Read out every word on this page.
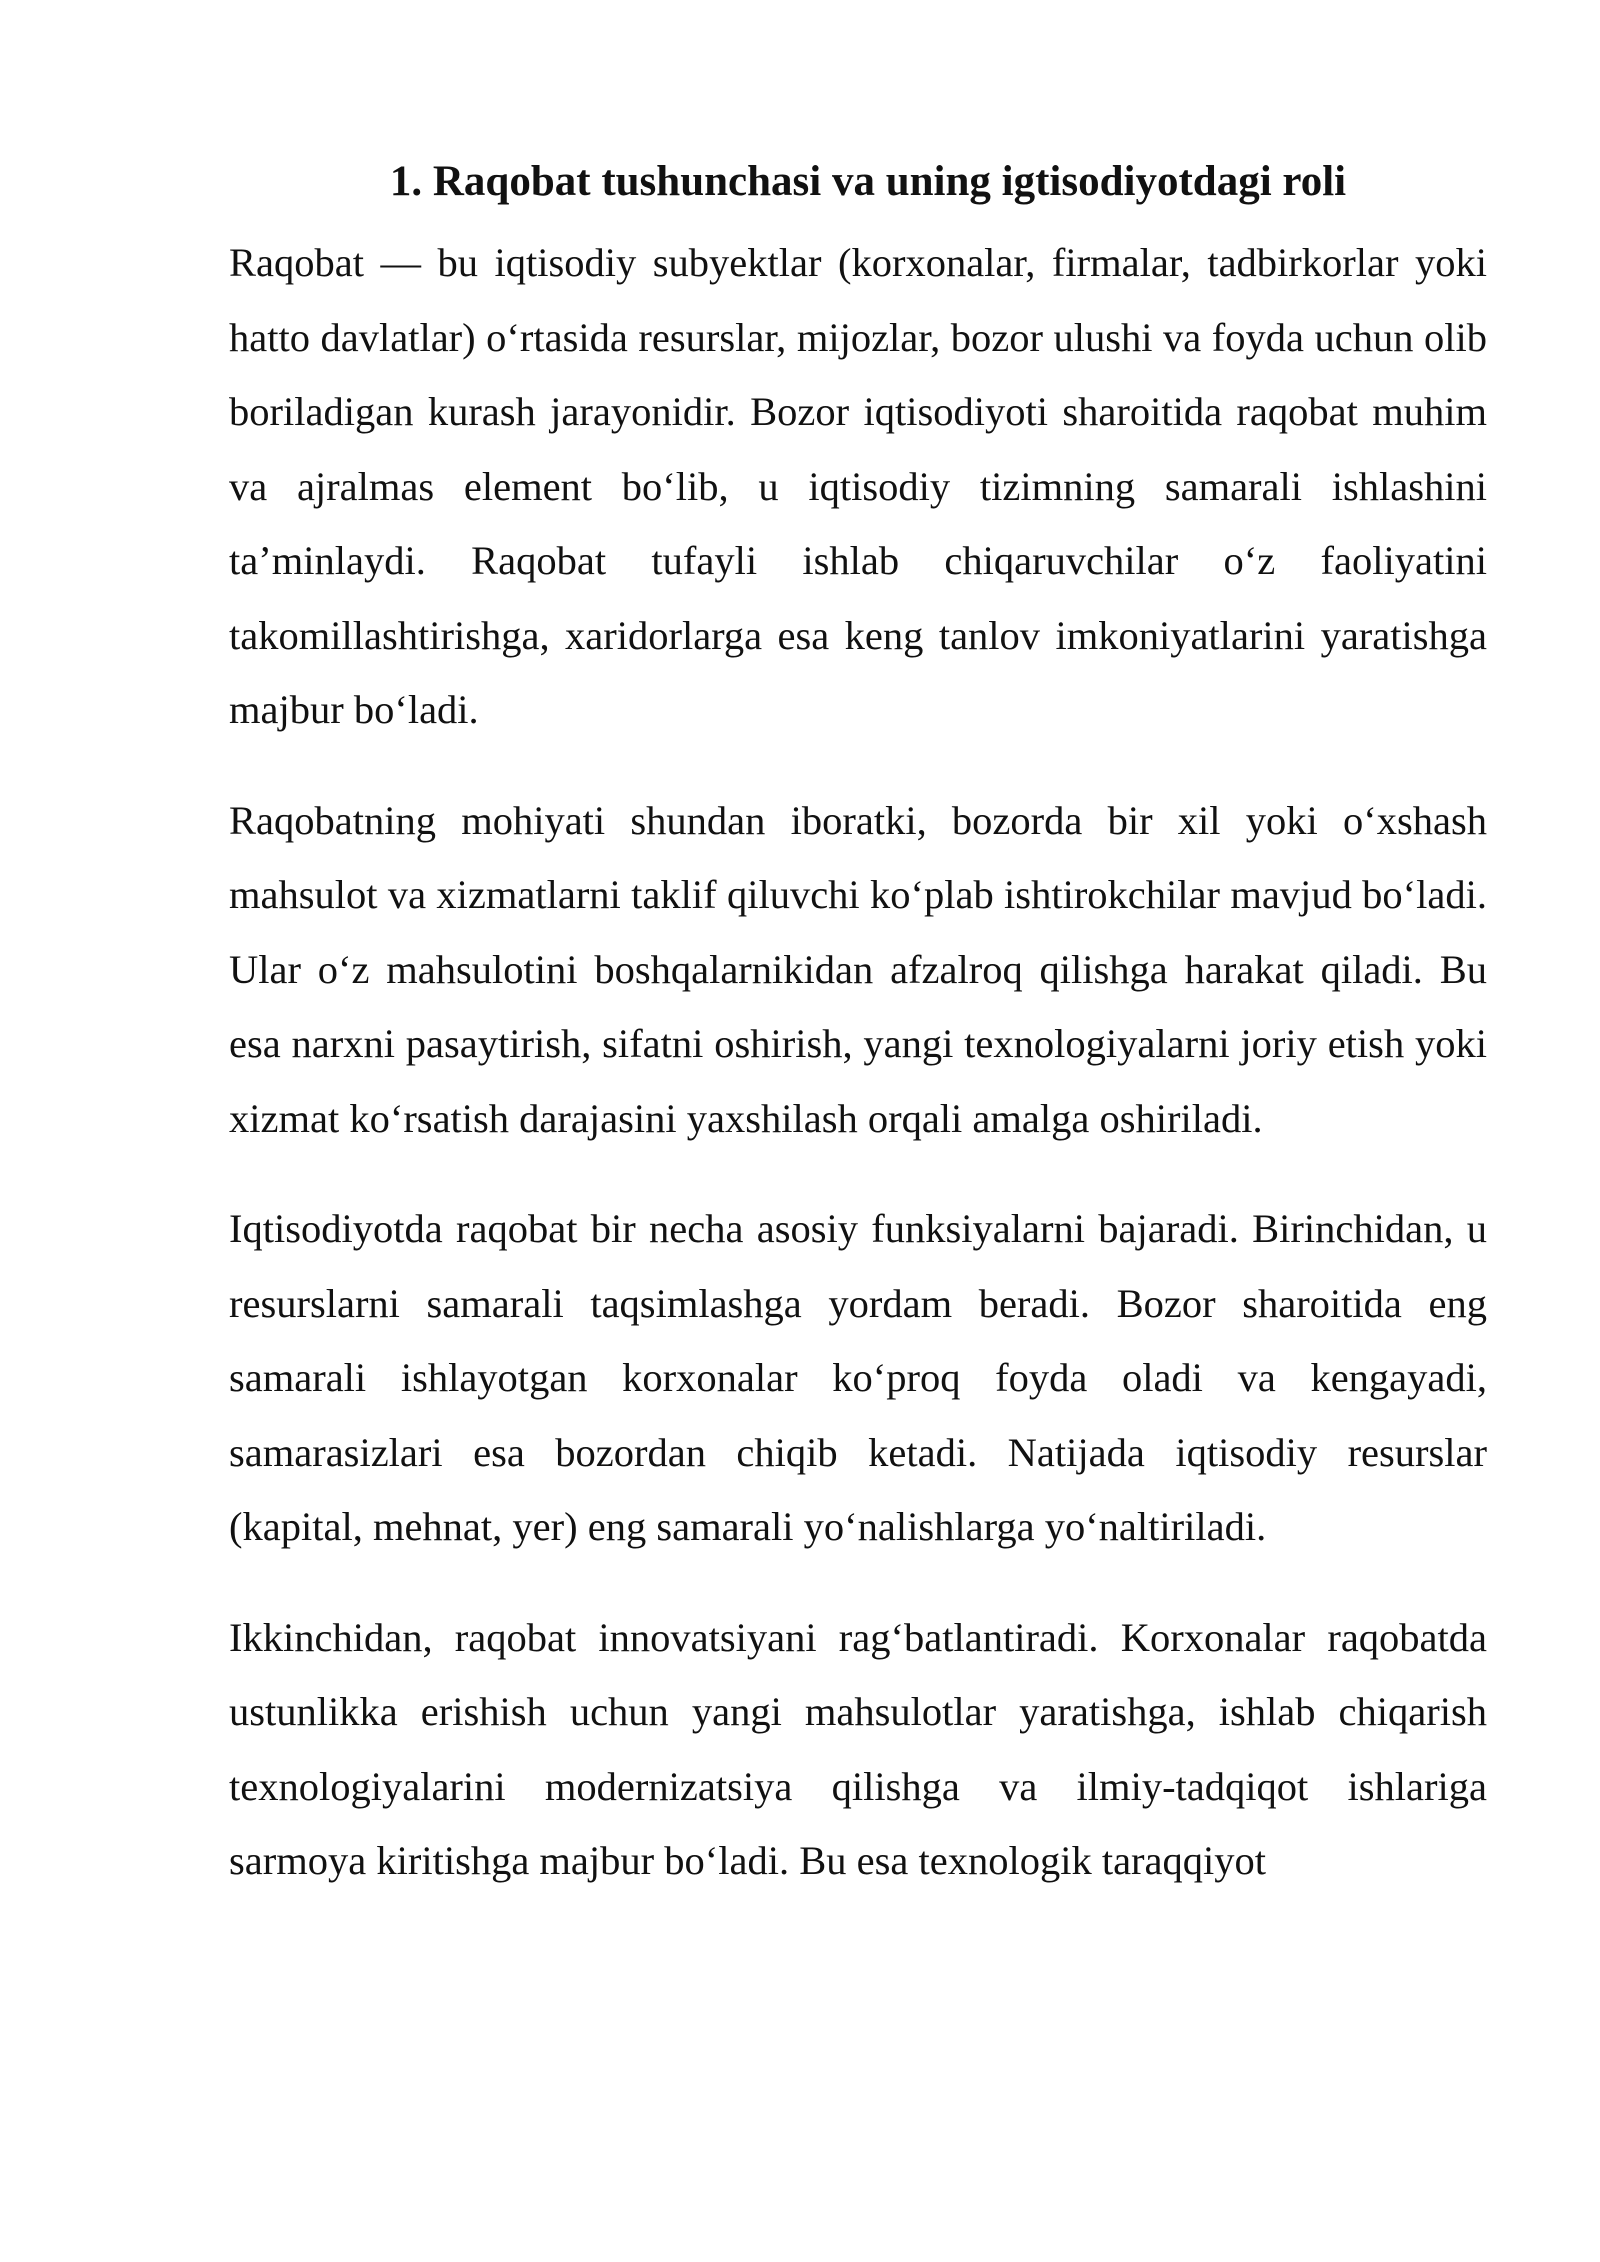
1. Raqobat tushunchasi va uning igtisodiyotdagi roli

Raqobat — bu iqtisodiy subyektlar (korxonalar, firmalar, tadbirkorlar yoki hatto davlatlar) oʻrtasida resurslar, mijozlar, bozor ulushi va foyda uchun olib boriladigan kurash jarayonidir. Bozor iqtisodiyoti sharoitida raqobat muhim va ajralmas element boʻlib, u iqtisodiy tizimning samarali ishlashini taʼminlaydi. Raqobat tufayli ishlab chiqaruvchilar oʻz faoliyatini takomillashtirishga, xaridorlarga esa keng tanlov imkoniyatlarini yaratishga majbur boʻladi.

Raqobatning mohiyati shundan iboratki, bozorda bir xil yoki oʻxshash mahsulot va xizmatlarni taklif qiluvchi koʻplab ishtirokchilar mavjud boʻladi. Ular oʻz mahsulotini boshqalarnikidan afzalroq qilishga harakat qiladi. Bu esa narxni pasaytirish, sifatni oshirish, yangi texnologiyalarni joriy etish yoki xizmat koʻrsatish darajasini yaxshilash orqali amalga oshiriladi.

Iqtisodiyotda raqobat bir necha asosiy funksiyalarni bajaradi. Birinchidan, u resurslarni samarali taqsimlashga yordam beradi. Bozor sharoitida eng samarali ishlayotgan korxonalar koʻproq foyda oladi va kengayadi, samarasizlari esa bozordan chiqib ketadi. Natijada iqtisodiy resurslar (kapital, mehnat, yer) eng samarali yoʻnalishlarga yoʻnaltiriladi.

Ikkinchidan, raqobat innovatsiyani ragʻbatlantiradi. Korxonalar raqobatda ustunlikka erishish uchun yangi mahsulotlar yaratishga, ishlab chiqarish texnologiyalarini modernizatsiya qilishga va ilmiy-tadqiqot ishlariga sarmoya kiritishga majbur boʻladi. Bu esa texnologik taraqqiyot
